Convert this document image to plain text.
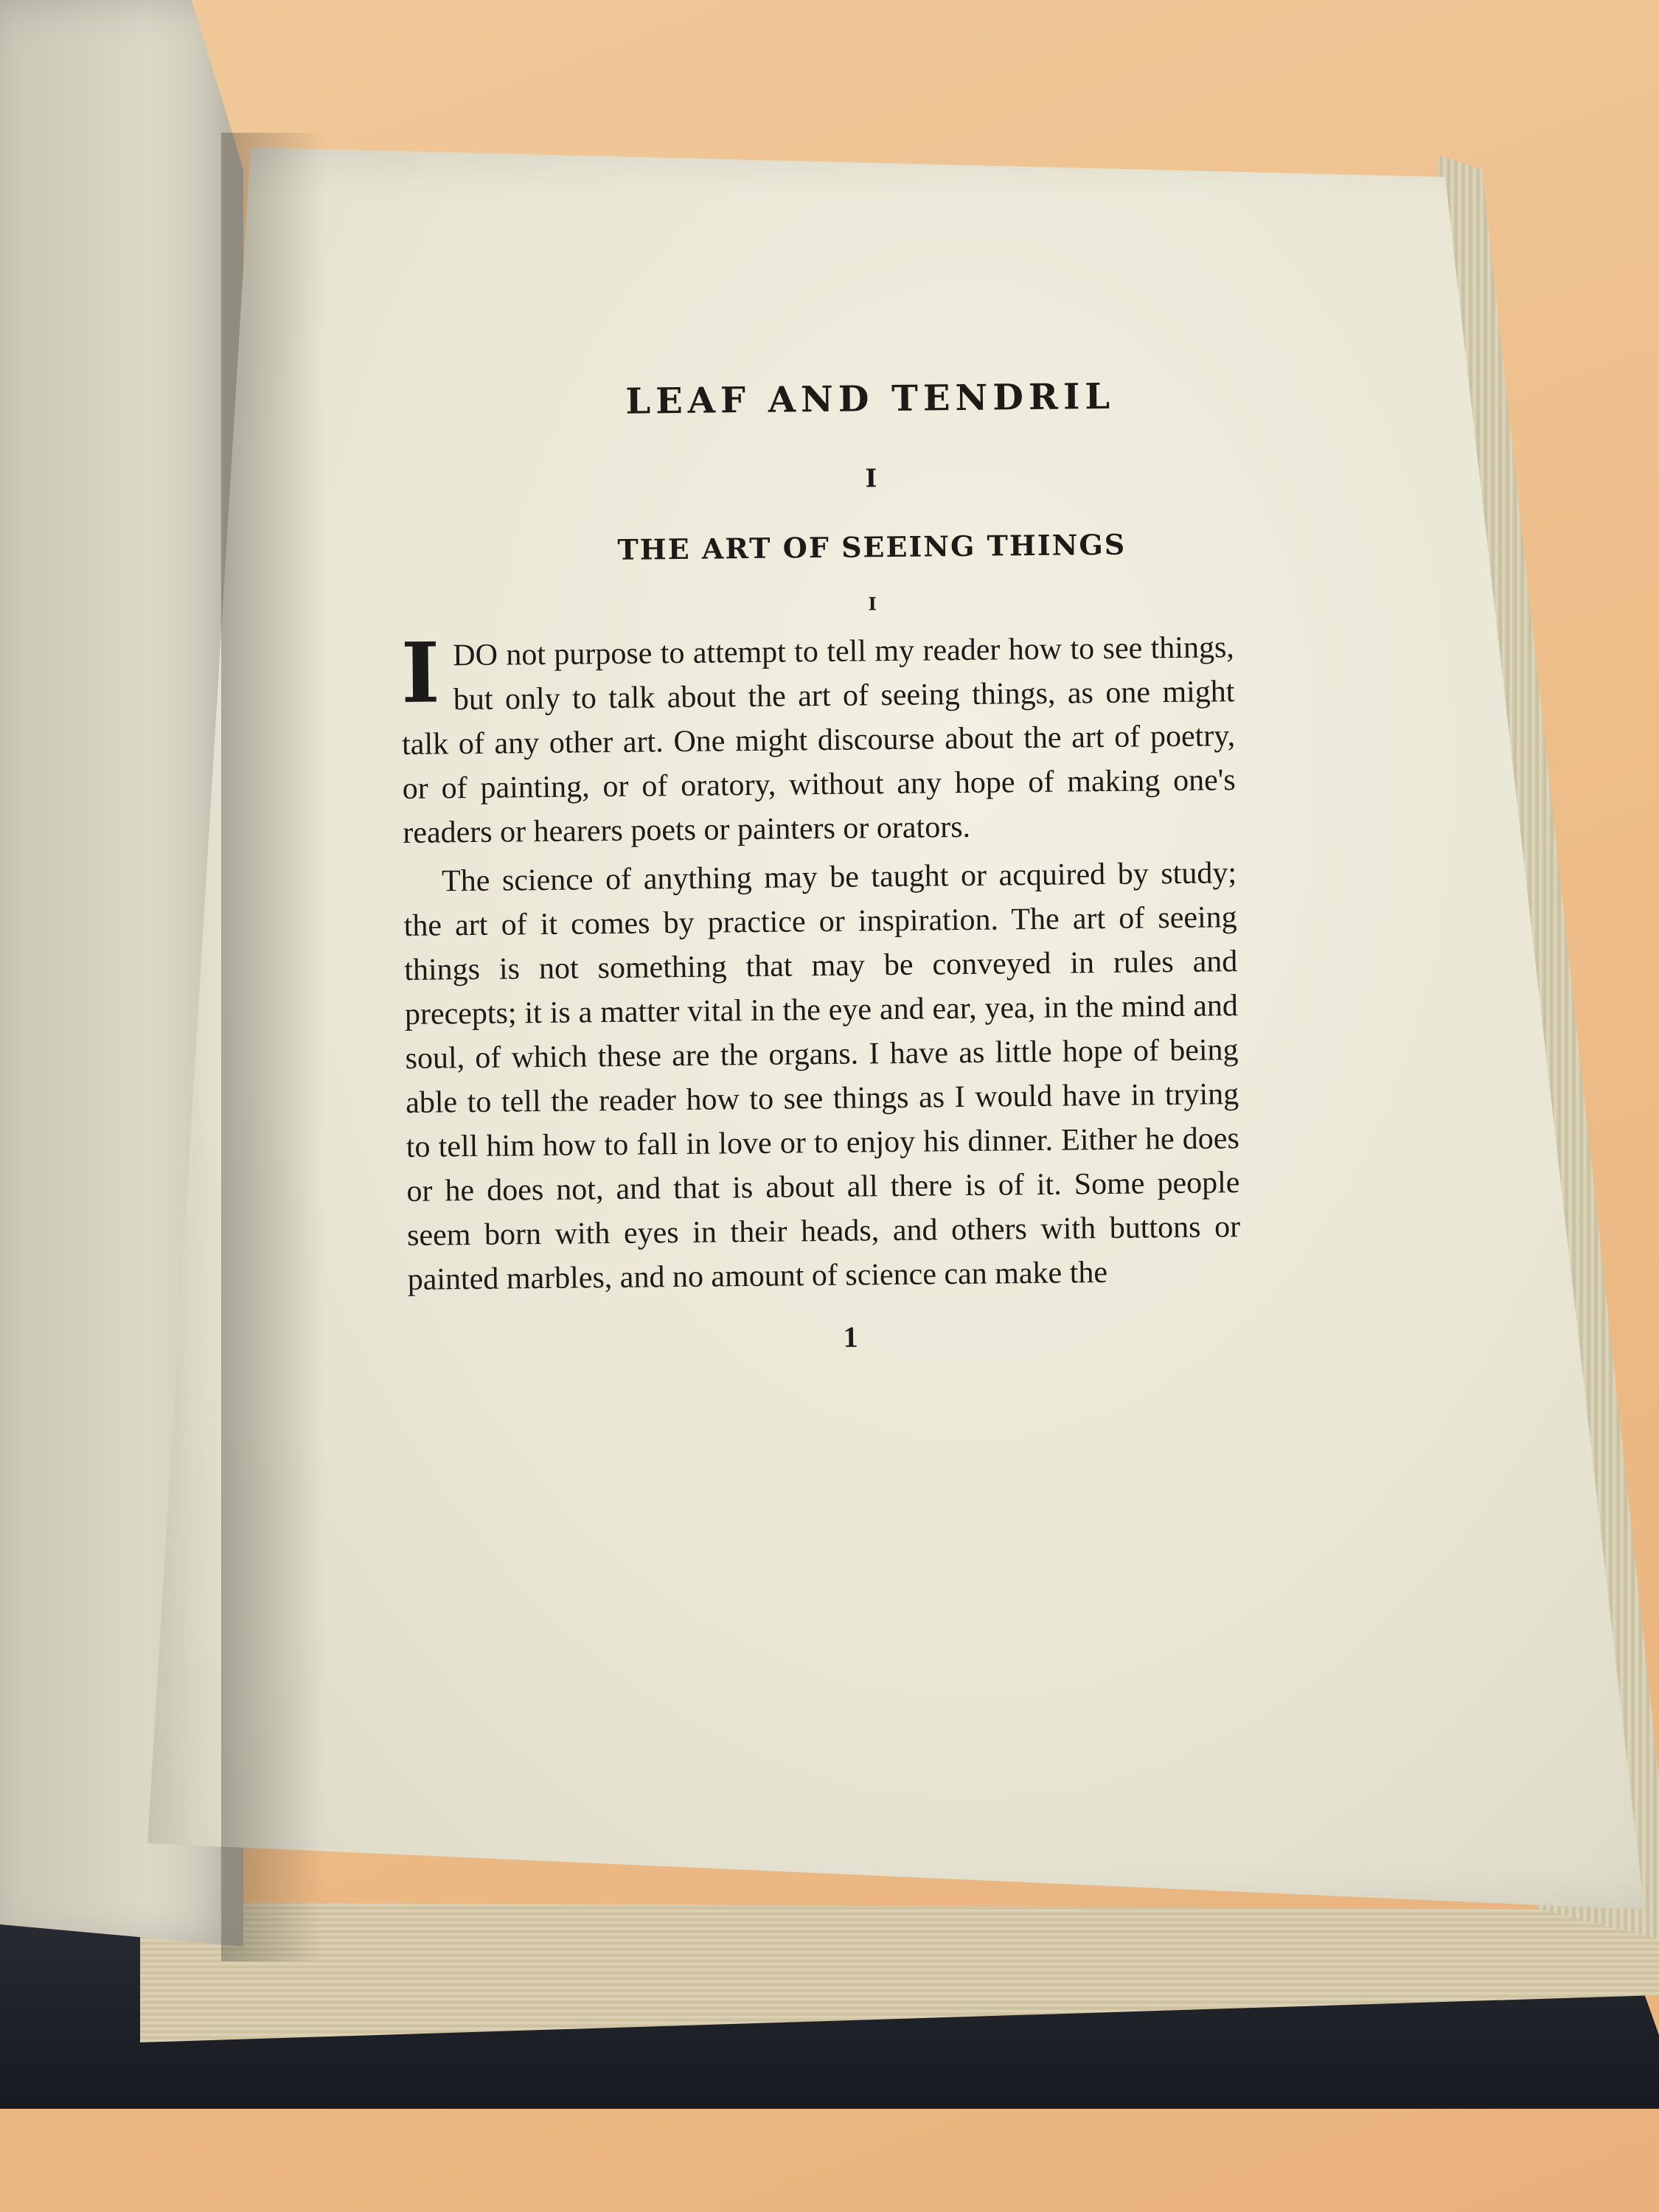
LEAF AND TENDRIL
I
THE ART OF SEEING THINGS
I

IDO not purpose to attempt to tell my reader how to see things, but only to talk about the art of seeing things, as one might talk of any other art. One might discourse about the art of poetry, or of painting, or of oratory, without any hope of making one's readers or hearers poets or painters or orators.

The science of anything may be taught or acquired by study; the art of it comes by practice or inspiration. The art of seeing things is not something that may be conveyed in rules and precepts; it is a matter vital in the eye and ear, yea, in the mind and soul, of which these are the organs. I have as little hope of being able to tell the reader how to see things as I would have in trying to tell him how to fall in love or to enjoy his dinner. Either he does or he does not, and that is about all there is of it. Some people seem born with eyes in their heads, and others with buttons or painted marbles, and no amount of science can make the

1
